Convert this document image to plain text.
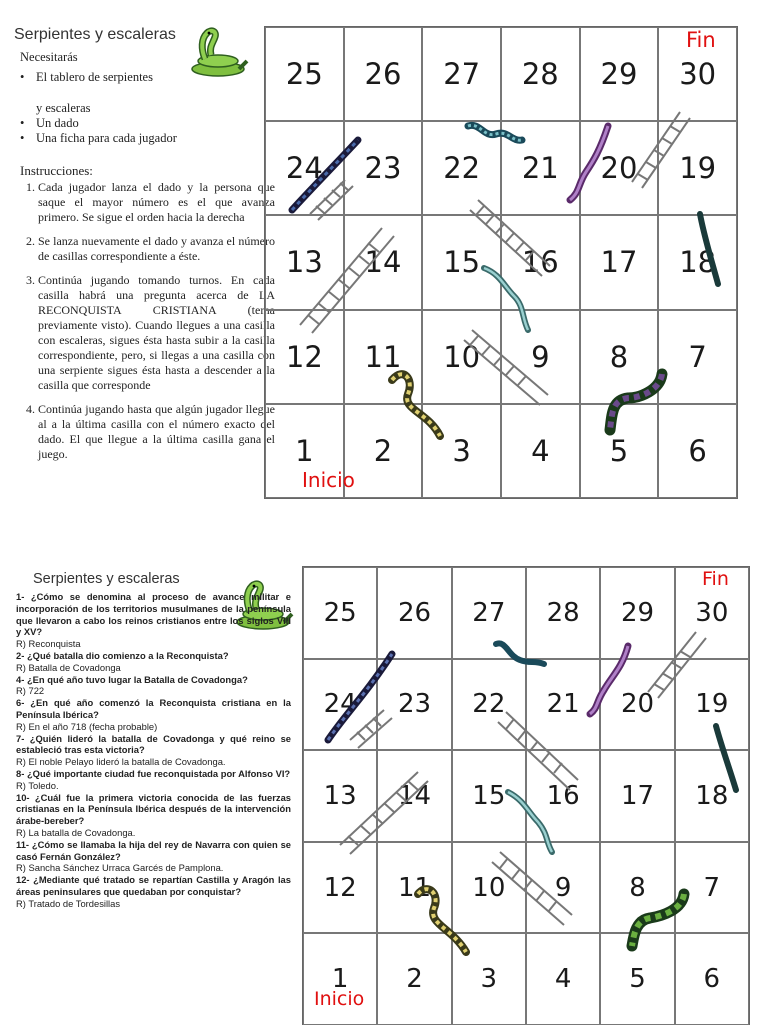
Serpientes y escaleras
Necesitarás
• El tablero de serpientes
y escaleras
• Un dado
• Una ficha para cada jugador
Instrucciones:
1. Cada jugador lanza el dado y la persona que saque el mayor número es el que avanza primero. Se sigue el orden hacia la derecha
2. Se lanza nuevamente el dado y avanza el número de casillas correspondiente a éste.
3. Continúa jugando tomando turnos. En cada casilla habrá una pregunta acerca de LA RECONQUISTA CRISTIANA (tema previamente visto). Cuando llegues a una casilla con escaleras, sigues ésta hasta subir a la casilla correspondiente, pero, si llegas a una casilla con una serpiente sigues ésta hasta a descender a la casilla que corresponde
4. Continúa jugando hasta que algún jugador llegue al a la última casilla con el número exacto del dado. El que llegue a la última casilla gana el juego.
25	26	27	28	29	30
24	23	22	21	20	19
13	14	15	16	17	18
12	11	10	9	8	7
1	2	3	4	5	6
Inicio
Fin
Serpientes y escaleras

1- ¿Cómo se denomina al proceso de avance militar e incorporación de los territorios musulmanes de la península que llevaron a cabo los reinos cristianos entre los siglos VIII y XV?

R) Reconquista

2- ¿Qué batalla dio comienzo a la Reconquista?

R) Batalla de Covadonga

4- ¿En qué año tuvo lugar la Batalla de Covadonga?

R) 722

6- ¿En qué año comenzó la Reconquista cristiana en la Península Ibérica?

R) En el año 718 (fecha probable)

7- ¿Quién lideró la batalla de Covadonga y qué reino se estableció tras esta victoria?

R) El noble Pelayo lideró la batalla de Covadonga.

8- ¿Qué importante ciudad fue reconquistada por Alfonso VI?

R) Toledo.

10- ¿Cuál fue la primera victoria conocida de las fuerzas cristianas en la Península Ibérica después de la intervención árabe-bereber?

R) La batalla de Covadonga.

11- ¿Cómo se llamaba la hija del rey de Navarra con quien se casó Fernán González?

R) Sancha Sánchez Urraca Garcés de Pamplona.

12- ¿Mediante qué tratado se repartían Castilla y Aragón las áreas peninsulares que quedaban por conquistar?

R) Tratado de Tordesillas

25	26	27	28	29	30
24	23	22	21	20	19
13	14	15	16	17	18
12	11	10	9	8	7
1	2	3	4	5	6
Inicio
Fin
